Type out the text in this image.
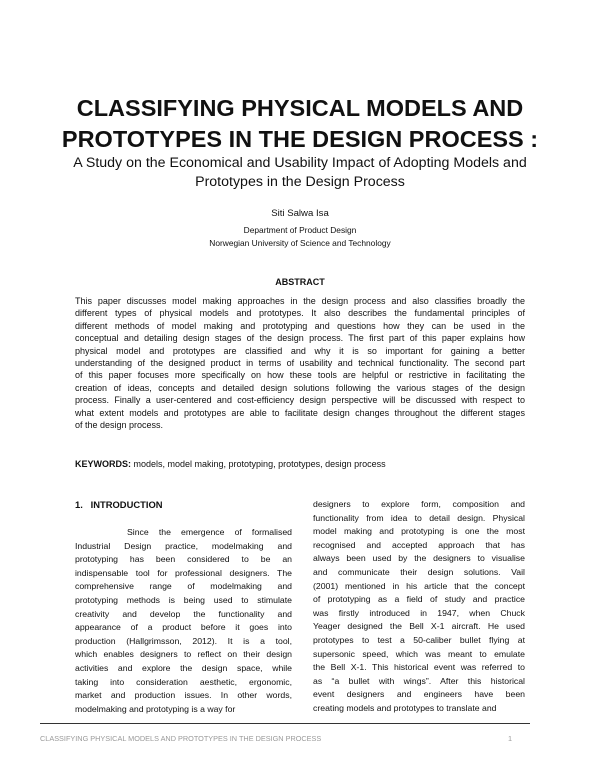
CLASSIFYING PHYSICAL MODELS AND
PROTOTYPES IN THE DESIGN PROCESS :
A Study on the Economical and Usability Impact of Adopting Models and
Prototypes in the Design Process
Siti Salwa Isa
Department of Product Design
Norwegian University of Science and Technology
ABSTRACT
This paper discusses model making approaches in the design process and also classifies broadly the
different types of physical models and prototypes. It also describes the fundamental principles of
different methods of model making and prototyping and questions how they can be used in the
conceptual and detailing design stages of the design process. The first part of this paper explains how
physical model and prototypes are classified and why it is so important for gaining a better
understanding of the designed product in terms of usability and technical functionality. The second part
of this paper focuses more specifically on how these tools are helpful or restrictive in facilitating the
creation of ideas, concepts and detailed design solutions following the various stages of the design
process. Finally a user-centered and cost-efficiency design perspective will be discussed with respect to
what extent models and prototypes are able to facilitate design changes throughout the different stages
of the design process.
KEYWORDS: models, model making, prototyping, prototypes, design process
1.   INTRODUCTION
Since the emergence of formalised
Industrial Design practice, modelmaking and
prototyping has been considered to be an
indispensable tool for professional designers. The
comprehensive range of modelmaking and
prototyping methods is being used to stimulate
creativity and develop the functionality and
appearance of a product before it goes into
production (Hallgrimsson, 2012). It is a tool,
which enables designers to reflect on their design
activities and explore the design space, while
taking into consideration aesthetic, ergonomic,
market and production issues. In other words,
modelmaking and prototyping is a way for
designers to explore form, composition and
functionality from idea to detail design. Physical
model making and prototyping is one the most
recognised and accepted approach that has
always been used by the designers to visualise
and communicate their design solutions. Vail
(2001) mentioned in his article that the concept
of prototyping as a field of study and practice
was firstly introduced in 1947, when Chuck
Yeager designed the Bell X-1 aircraft. He used
prototypes to test a 50-caliber bullet flying at
supersonic speed, which was meant to emulate
the Bell X-1. This historical event was referred to
as “a bullet with wings”. After this historical
event designers and engineers have been
creating models and prototypes to translate and
CLASSIFYING PHYSICAL MODELS AND PROTOTYPES IN THE DESIGN PROCESS	1
